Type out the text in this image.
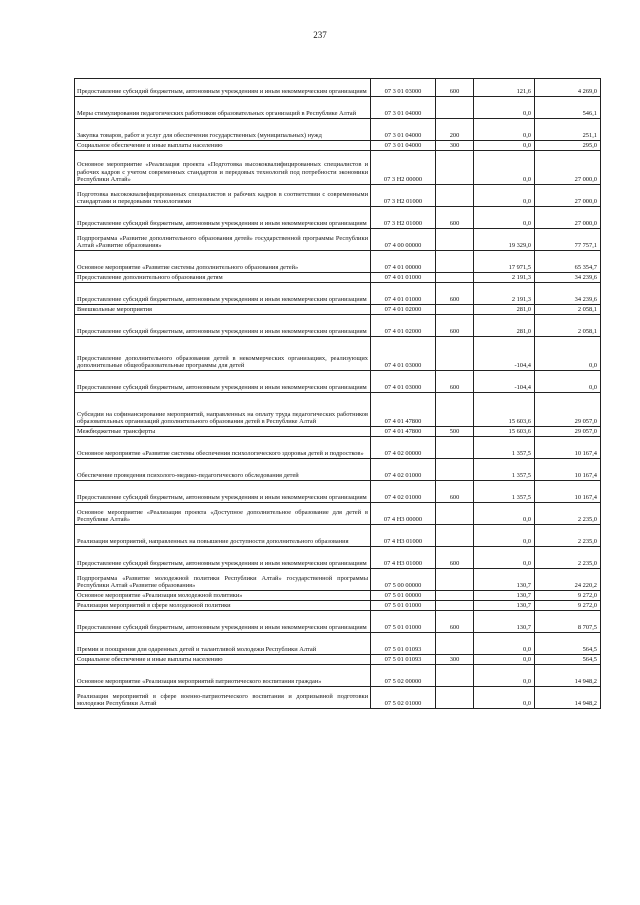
237
Предоставление субсидий бюджетным, автономным учреждениям и иным некоммерческим организациям	07 3 01 03000	600	121,6	4 269,0
Меры стимулирования педагогических работников образовательных организаций в Республике Алтай	07 3 01 04000		0,0	546,1
Закупка товаров, работ и услуг для обеспечения государственных (муниципальных) нужд	07 3 01 04000	200	0,0	251,1
Социальное обеспечение и иные выплаты населению	07 3 01 04000	300	0,0	295,0
Основное мероприятие «Реализация проекта «Подготовка высококвалифицированных специалистов и рабочих кадров с учетом современных стандартов и передовых технологий под потребности экономики Республики Алтай»	07 3 Н2 00000		0,0	27 000,0
Подготовка высококвалифицированных специалистов и рабочих кадров в соответствии с современными стандартами и передовыми технологиями	07 3 Н2 01000		0,0	27 000,0
Предоставление субсидий бюджетным, автономным учреждениям и иным некоммерческим организациям	07 3 Н2 01000	600	0,0	27 000,0
Подпрограмма «Развитие дополнительного образования детей» государственной программы Республики Алтай «Развитие образования»	07 4 00 00000		19 329,0	77 757,1
Основное мероприятие «Развитие системы дополнительного образования детей»	07 4 01 00000		17 971,5	65 354,7
Предоставление дополнительного образования детям	07 4 01 01000		2 191,3	34 239,6
Предоставление субсидий бюджетным, автономным учреждениям и иным некоммерческим организациям	07 4 01 01000	600	2 191,3	34 239,6
Внешкольные мероприятия	07 4 01 02000		281,0	2 058,1
Предоставление субсидий бюджетным, автономным учреждениям и иным некоммерческим организациям	07 4 01 02000	600	281,0	2 058,1
Предоставление дополнительного образования детей в некоммерческих организациях, реализующих дополнительные общеобразовательные программы для детей	07 4 01 03000		-104,4	0,0
Предоставление субсидий бюджетным, автономным учреждениям и иным некоммерческим организациям	07 4 01 03000	600	-104,4	0,0
Субсидии на софинансирование мероприятий, направленных на оплату труда педагогических работников образовательных организаций дополнительного образования детей в Республике Алтай	07 4 01 47800		15 603,6	29 057,0
Межбюджетные трансферты	07 4 01 47800	500	15 603,6	29 057,0
Основное мероприятие «Развитие системы обеспечения психологического здоровья детей и подростков»	07 4 02 00000		1 357,5	10 167,4
Обеспечение проведения психолого-медико-педагогического обследования детей	07 4 02 01000		1 357,5	10 167,4
Предоставление субсидий бюджетным, автономным учреждениям и иным некоммерческим организациям	07 4 02 01000	600	1 357,5	10 167,4
Основное мероприятие «Реализация проекта «Доступное дополнительное образование для детей в Республике Алтай»	07 4 Н3 00000		0,0	2 235,0
Реализация мероприятий, направленных на повышение доступности дополнительного образования	07 4 Н3 01000		0,0	2 235,0
Предоставление субсидий бюджетным, автономным учреждениям и иным некоммерческим организациям	07 4 Н3 01000	600	0,0	2 235,0
Подпрограмма «Развитие молодежной политики Республики Алтай» государственной программы Республики Алтай «Развитие образования»	07 5 00 00000		130,7	24 220,2
Основное мероприятие «Реализация молодежной политики»	07 5 01 00000		130,7	9 272,0
Реализация мероприятий в сфере молодежной политики	07 5 01 01000		130,7	9 272,0
Предоставление субсидий бюджетным, автономным учреждениям и иным некоммерческим организациям	07 5 01 01000	600	130,7	8 707,5
Премии и поощрения для одаренных детей и талантливой молодежи Республики Алтай	07 5 01 01093		0,0	564,5
Социальное обеспечение и иные выплаты населению	07 5 01 01093	300	0,0	564,5
Основное мероприятие «Реализация мероприятий патриотического воспитания граждан»	07 5 02 00000		0,0	14 948,2
Реализация мероприятий в сфере военно-патриотического воспитания и допризывной подготовки молодежи Республики Алтай	07 5 02 01000		0,0	14 948,2
